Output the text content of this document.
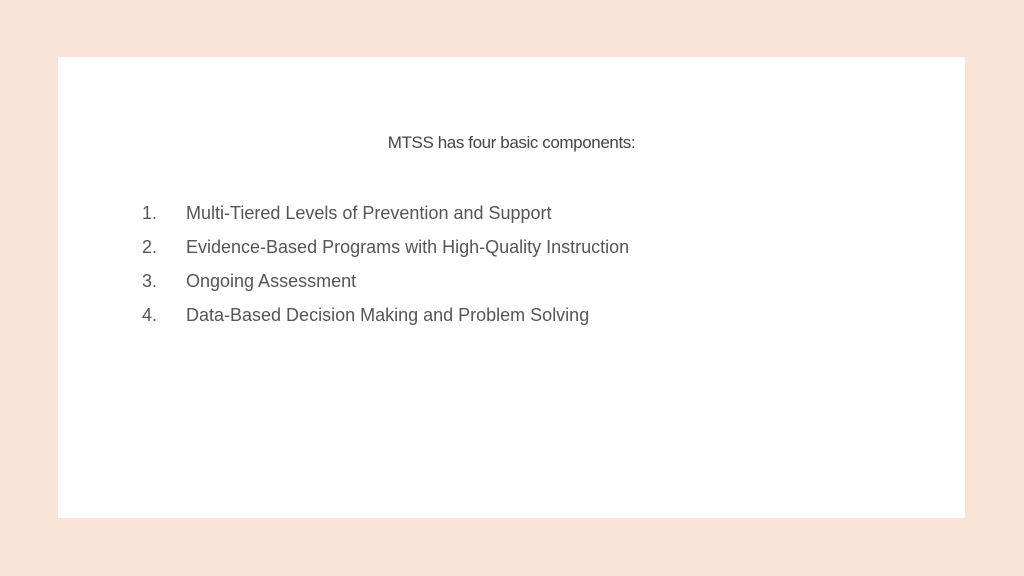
MTSS has four basic components:
1.	Multi-Tiered Levels of Prevention and Support
2.	Evidence-Based Programs with High-Quality Instruction
3.	Ongoing Assessment
4.	Data-Based Decision Making and Problem Solving
